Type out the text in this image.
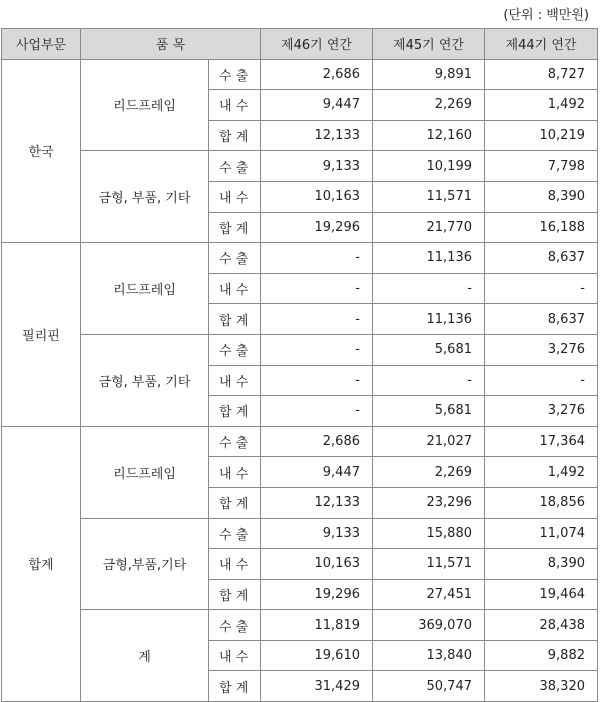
(단위 : 백만원)
사업부문	품 목		제46기 연간	제45기 연간	제44기 연간
한국	리드프레임	수 출	2,686	9,891	8,727
		내 수	9,447	2,269	1,492
		합 계	12,133	12,160	10,219
	금형, 부품, 기타	수 출	9,133	10,199	7,798
		내 수	10,163	11,571	8,390
		합 계	19,296	21,770	16,188
필리핀	리드프레임	수 출	-	11,136	8,637
		내 수	-	-	-
		합 계	-	11,136	8,637
	금형, 부품, 기타	수 출	-	5,681	3,276
		내 수	-	-	-
		합 계	-	5,681	3,276
합계	리드프레임	수 출	2,686	21,027	17,364
		내 수	9,447	2,269	1,492
		합 계	12,133	23,296	18,856
	금형,부품,기타	수 출	9,133	15,880	11,074
		내 수	10,163	11,571	8,390
		합 계	19,296	27,451	19,464
	계	수 출	11,819	369,070	28,438
		내 수	19,610	13,840	9,882
		합 계	31,429	50,747	38,320
